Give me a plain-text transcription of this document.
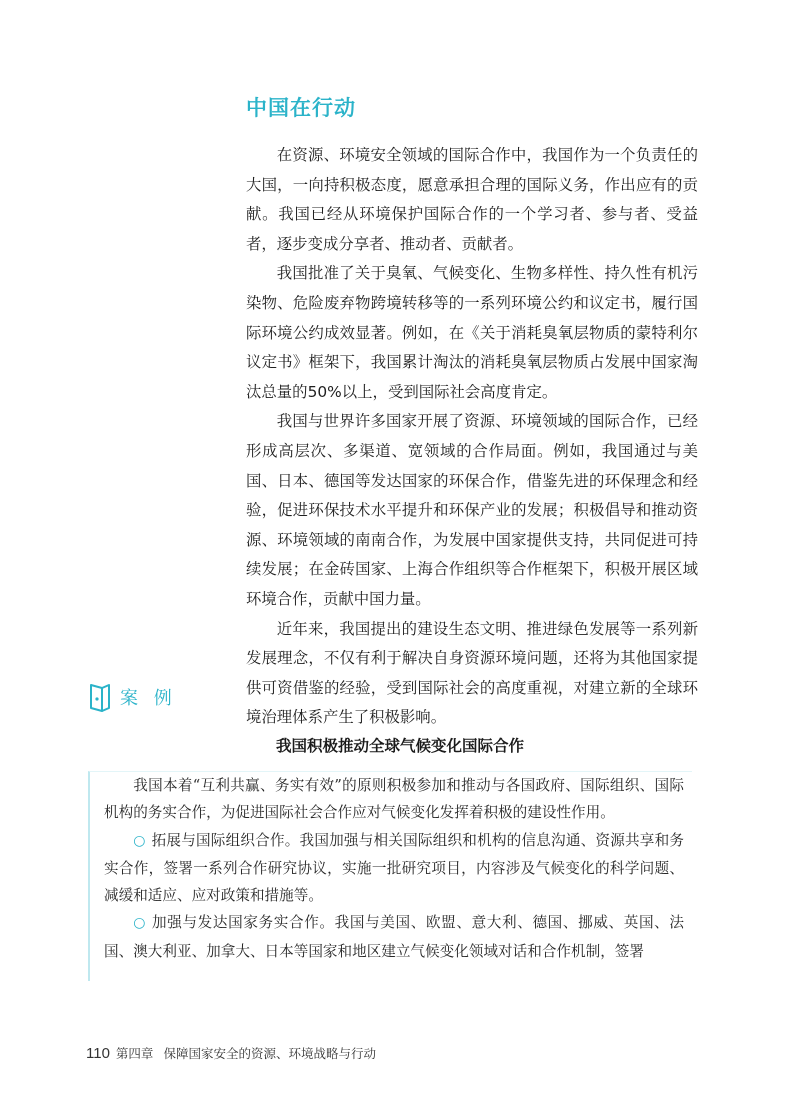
中国在行动

在资源、环境安全领域的国际合作中，我国作为一个负责任的大国，一向持积极态度，愿意承担合理的国际义务，作出应有的贡献。我国已经从环境保护国际合作的一个学习者、参与者、受益者，逐步变成分享者、推动者、贡献者。

我国批准了关于臭氧、气候变化、生物多样性、持久性有机污染物、危险废弃物跨境转移等的一系列环境公约和议定书，履行国际环境公约成效显著。例如，在《关于消耗臭氧层物质的蒙特利尔议定书》框架下，我国累计淘汰的消耗臭氧层物质占发展中国家淘汰总量的50%以上，受到国际社会高度肯定。

我国与世界许多国家开展了资源、环境领域的国际合作，已经形成高层次、多渠道、宽领域的合作局面。例如，我国通过与美国、日本、德国等发达国家的环保合作，借鉴先进的环保理念和经验，促进环保技术水平提升和环保产业的发展；积极倡导和推动资源、环境领域的南南合作，为发展中国家提供支持，共同促进可持续发展；在金砖国家、上海合作组织等合作框架下，积极开展区域环境合作，贡献中国力量。

近年来，我国提出的建设生态文明、推进绿色发展等一系列新发展理念，不仅有利于解决自身资源环境问题，还将为其他国家提供可资借鉴的经验，受到国际社会的高度重视，对建立新的全球环境治理体系产生了积极影响。

案 例
我国积极推动全球气候变化国际合作

我国本着“互利共赢、务实有效”的原则积极参加和推动与各国政府、国际组织、国际机构的务实合作，为促进国际社会合作应对气候变化发挥着积极的建设性作用。

○ 拓展与国际组织合作。我国加强与相关国际组织和机构的信息沟通、资源共享和务实合作，签署一系列合作研究协议，实施一批研究项目，内容涉及气候变化的科学问题、减缓和适应、应对政策和措施等。

○ 加强与发达国家务实合作。我国与美国、欧盟、意大利、德国、挪威、英国、法国、澳大利亚、加拿大、日本等国家和地区建立气候变化领域对话和合作机制，签署

110 第四章 保障国家安全的资源、环境战略与行动
